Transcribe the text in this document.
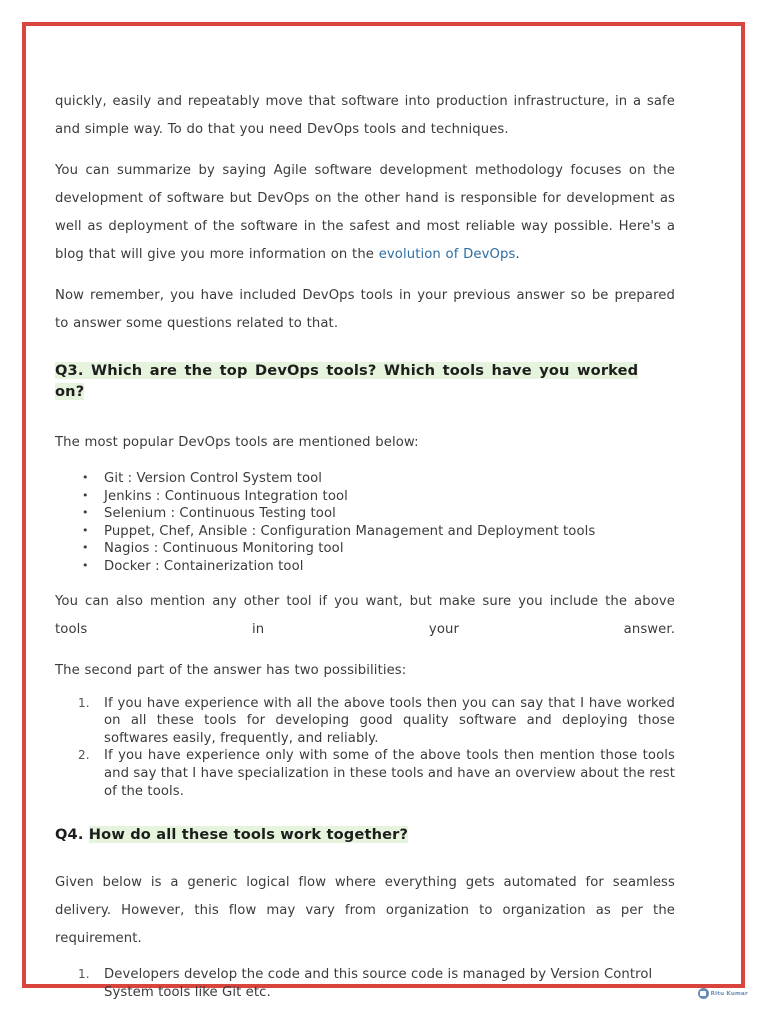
quickly, easily and repeatably move that software into production infrastructure, in a safe and simple way. To do that you need DevOps tools and techniques.

You can summarize by saying Agile software development methodology focuses on the development of software but DevOps on the other hand is responsible for development as well as deployment of the software in the safest and most reliable way possible. Here's a blog that will give you more information on the evolution of DevOps.

Now remember, you have included DevOps tools in your previous answer so be prepared to answer some questions related to that.

Q3. Which are the top DevOps tools? Which tools have you worked on?

The most popular DevOps tools are mentioned below:

• Git : Version Control System tool
• Jenkins : Continuous Integration tool
• Selenium : Continuous Testing tool
• Puppet, Chef, Ansible : Configuration Management and Deployment tools
• Nagios : Continuous Monitoring tool
• Docker : Containerization tool

You can also mention any other tool if you want, but make sure you include the above tools in your answer.

The second part of the answer has two possibilities:

If you have experience with all the above tools then you can say that I have worked on all these tools for developing good quality software and deploying those softwares easily, frequently, and reliably.
If you have experience only with some of the above tools then mention those tools and say that I have specialization in these tools and have an overview about the rest of the tools.
Q4. How do all these tools work together?

Given below is a generic logical flow where everything gets automated for seamless delivery. However, this flow may vary from organization to organization as per the requirement.

Developers develop the code and this source code is managed by Version Control System tools like Git etc.	Ritu Kumar
